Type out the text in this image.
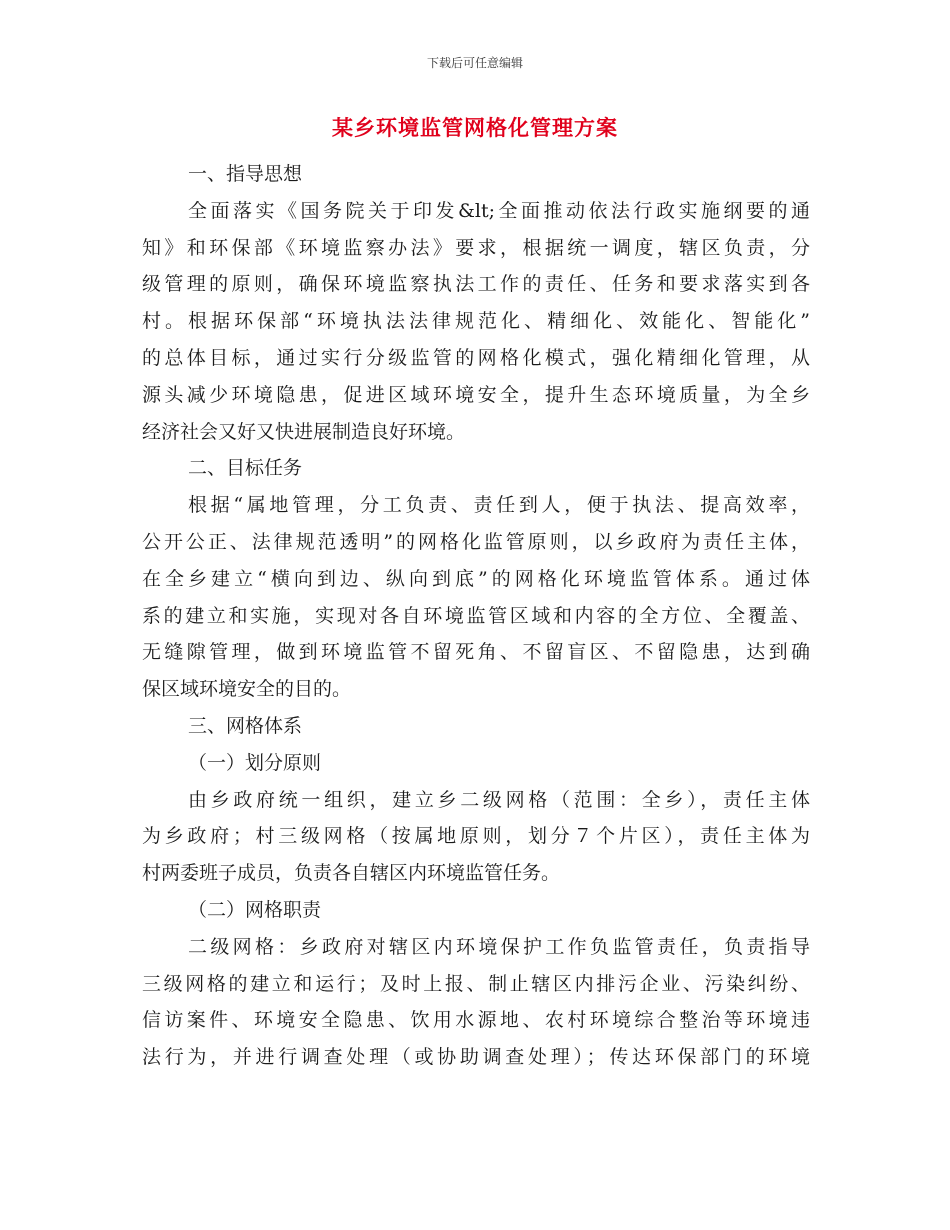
下载后可任意编辑
某乡环境监管网格化管理方案
一、指导思想
全面落实《国务院关于印发&lt;全面推动依法行政实施纲要的通
知》和环保部《环境监察办法》要求，根据统一调度，辖区负责，分
级管理的原则，确保环境监察执法工作的责任、任务和要求落实到各
村。根据环保部“环境执法法律规范化、精细化、效能化、智能化”
的总体目标，通过实行分级监管的网格化模式，强化精细化管理，从
源头减少环境隐患，促进区域环境安全，提升生态环境质量，为全乡
经济社会又好又快进展制造良好环境。
二、目标任务
根据“属地管理，分工负责、责任到人，便于执法、提高效率，
公开公正、法律规范透明”的网格化监管原则，以乡政府为责任主体，
在全乡建立“横向到边、纵向到底”的网格化环境监管体系。通过体
系的建立和实施，实现对各自环境监管区域和内容的全方位、全覆盖、
无缝隙管理，做到环境监管不留死角、不留盲区、不留隐患，达到确
保区域环境安全的目的。
三、网格体系
（一）划分原则
由乡政府统一组织，建立乡二级网格（范围：全乡），责任主体
为乡政府；村三级网格（按属地原则，划分７个片区），责任主体为
村两委班子成员，负责各自辖区内环境监管任务。
（二）网格职责
二级网格：乡政府对辖区内环境保护工作负监管责任，负责指导
三级网格的建立和运行；及时上报、制止辖区内排污企业、污染纠纷、
信访案件、环境安全隐患、饮用水源地、农村环境综合整治等环境违
法行为，并进行调查处理（或协助调查处理）；传达环保部门的环境
